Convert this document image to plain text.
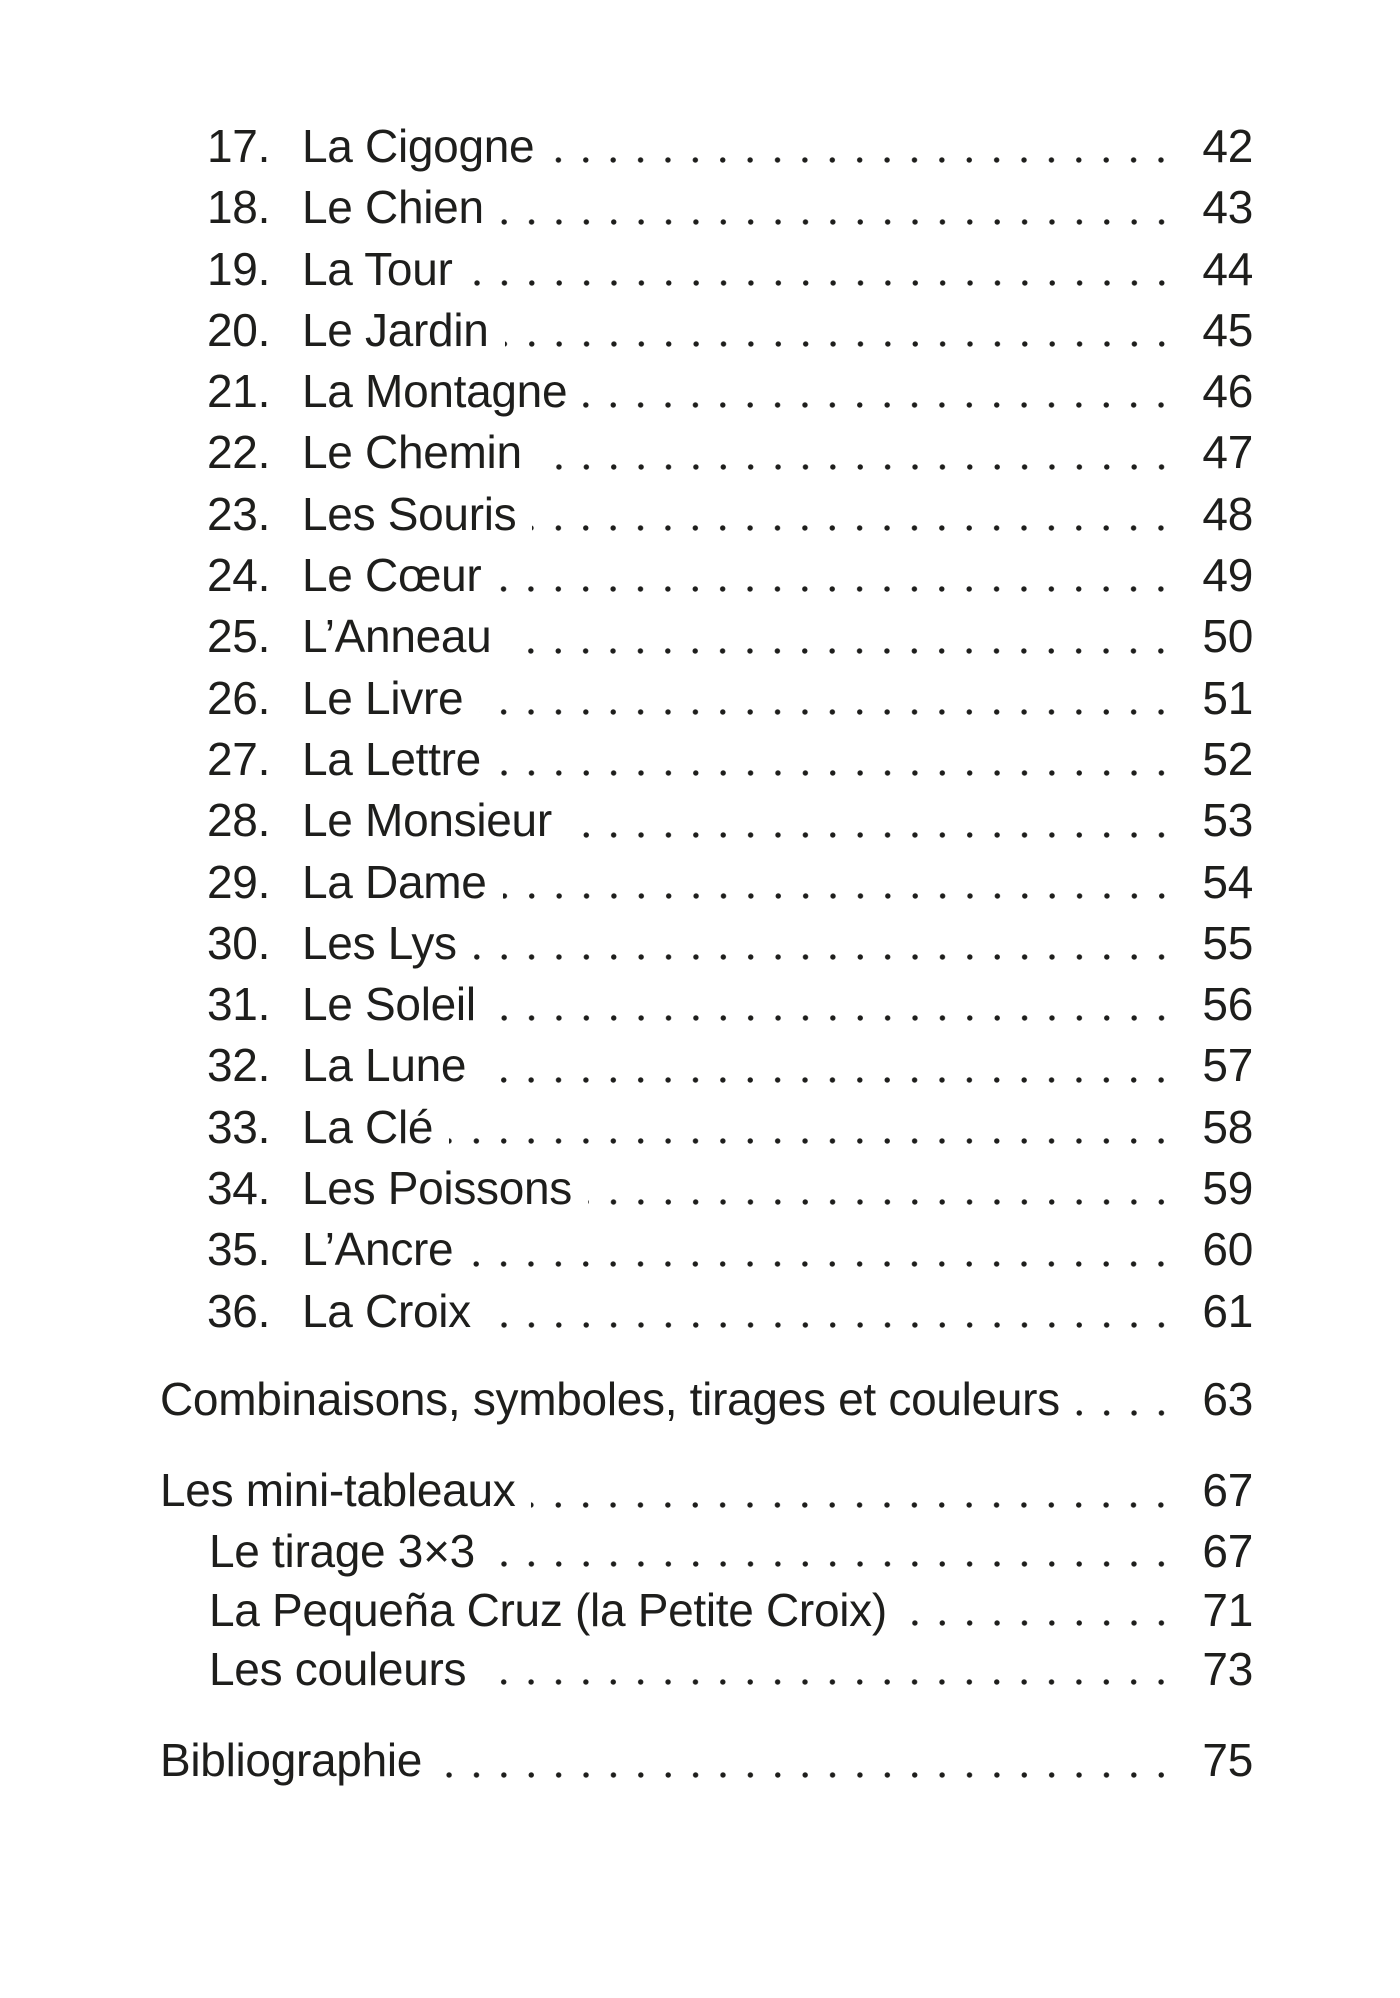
17. La Cigogne	42
18. Le Chien	43
19. La Tour	44
20. Le Jardin	45
21. La Montagne	46
22. Le Chemin	47
23. Les Souris	48
24. Le Cœur	49
25. L’Anneau	50
26. Le Livre	51
27. La Lettre	52
28. Le Monsieur	53
29. La Dame	54
30. Les Lys	55
31. Le Soleil	56
32. La Lune	57
33. La Clé	58
34. Les Poissons	59
35. L’Ancre	60
36. La Croix	61
Combinaisons, symboles, tirages et couleurs	63
Les mini-tableaux	67
Le tirage 3×3	67
La Pequeña Cruz (la Petite Croix)	71
Les couleurs	73
Bibliographie	75
